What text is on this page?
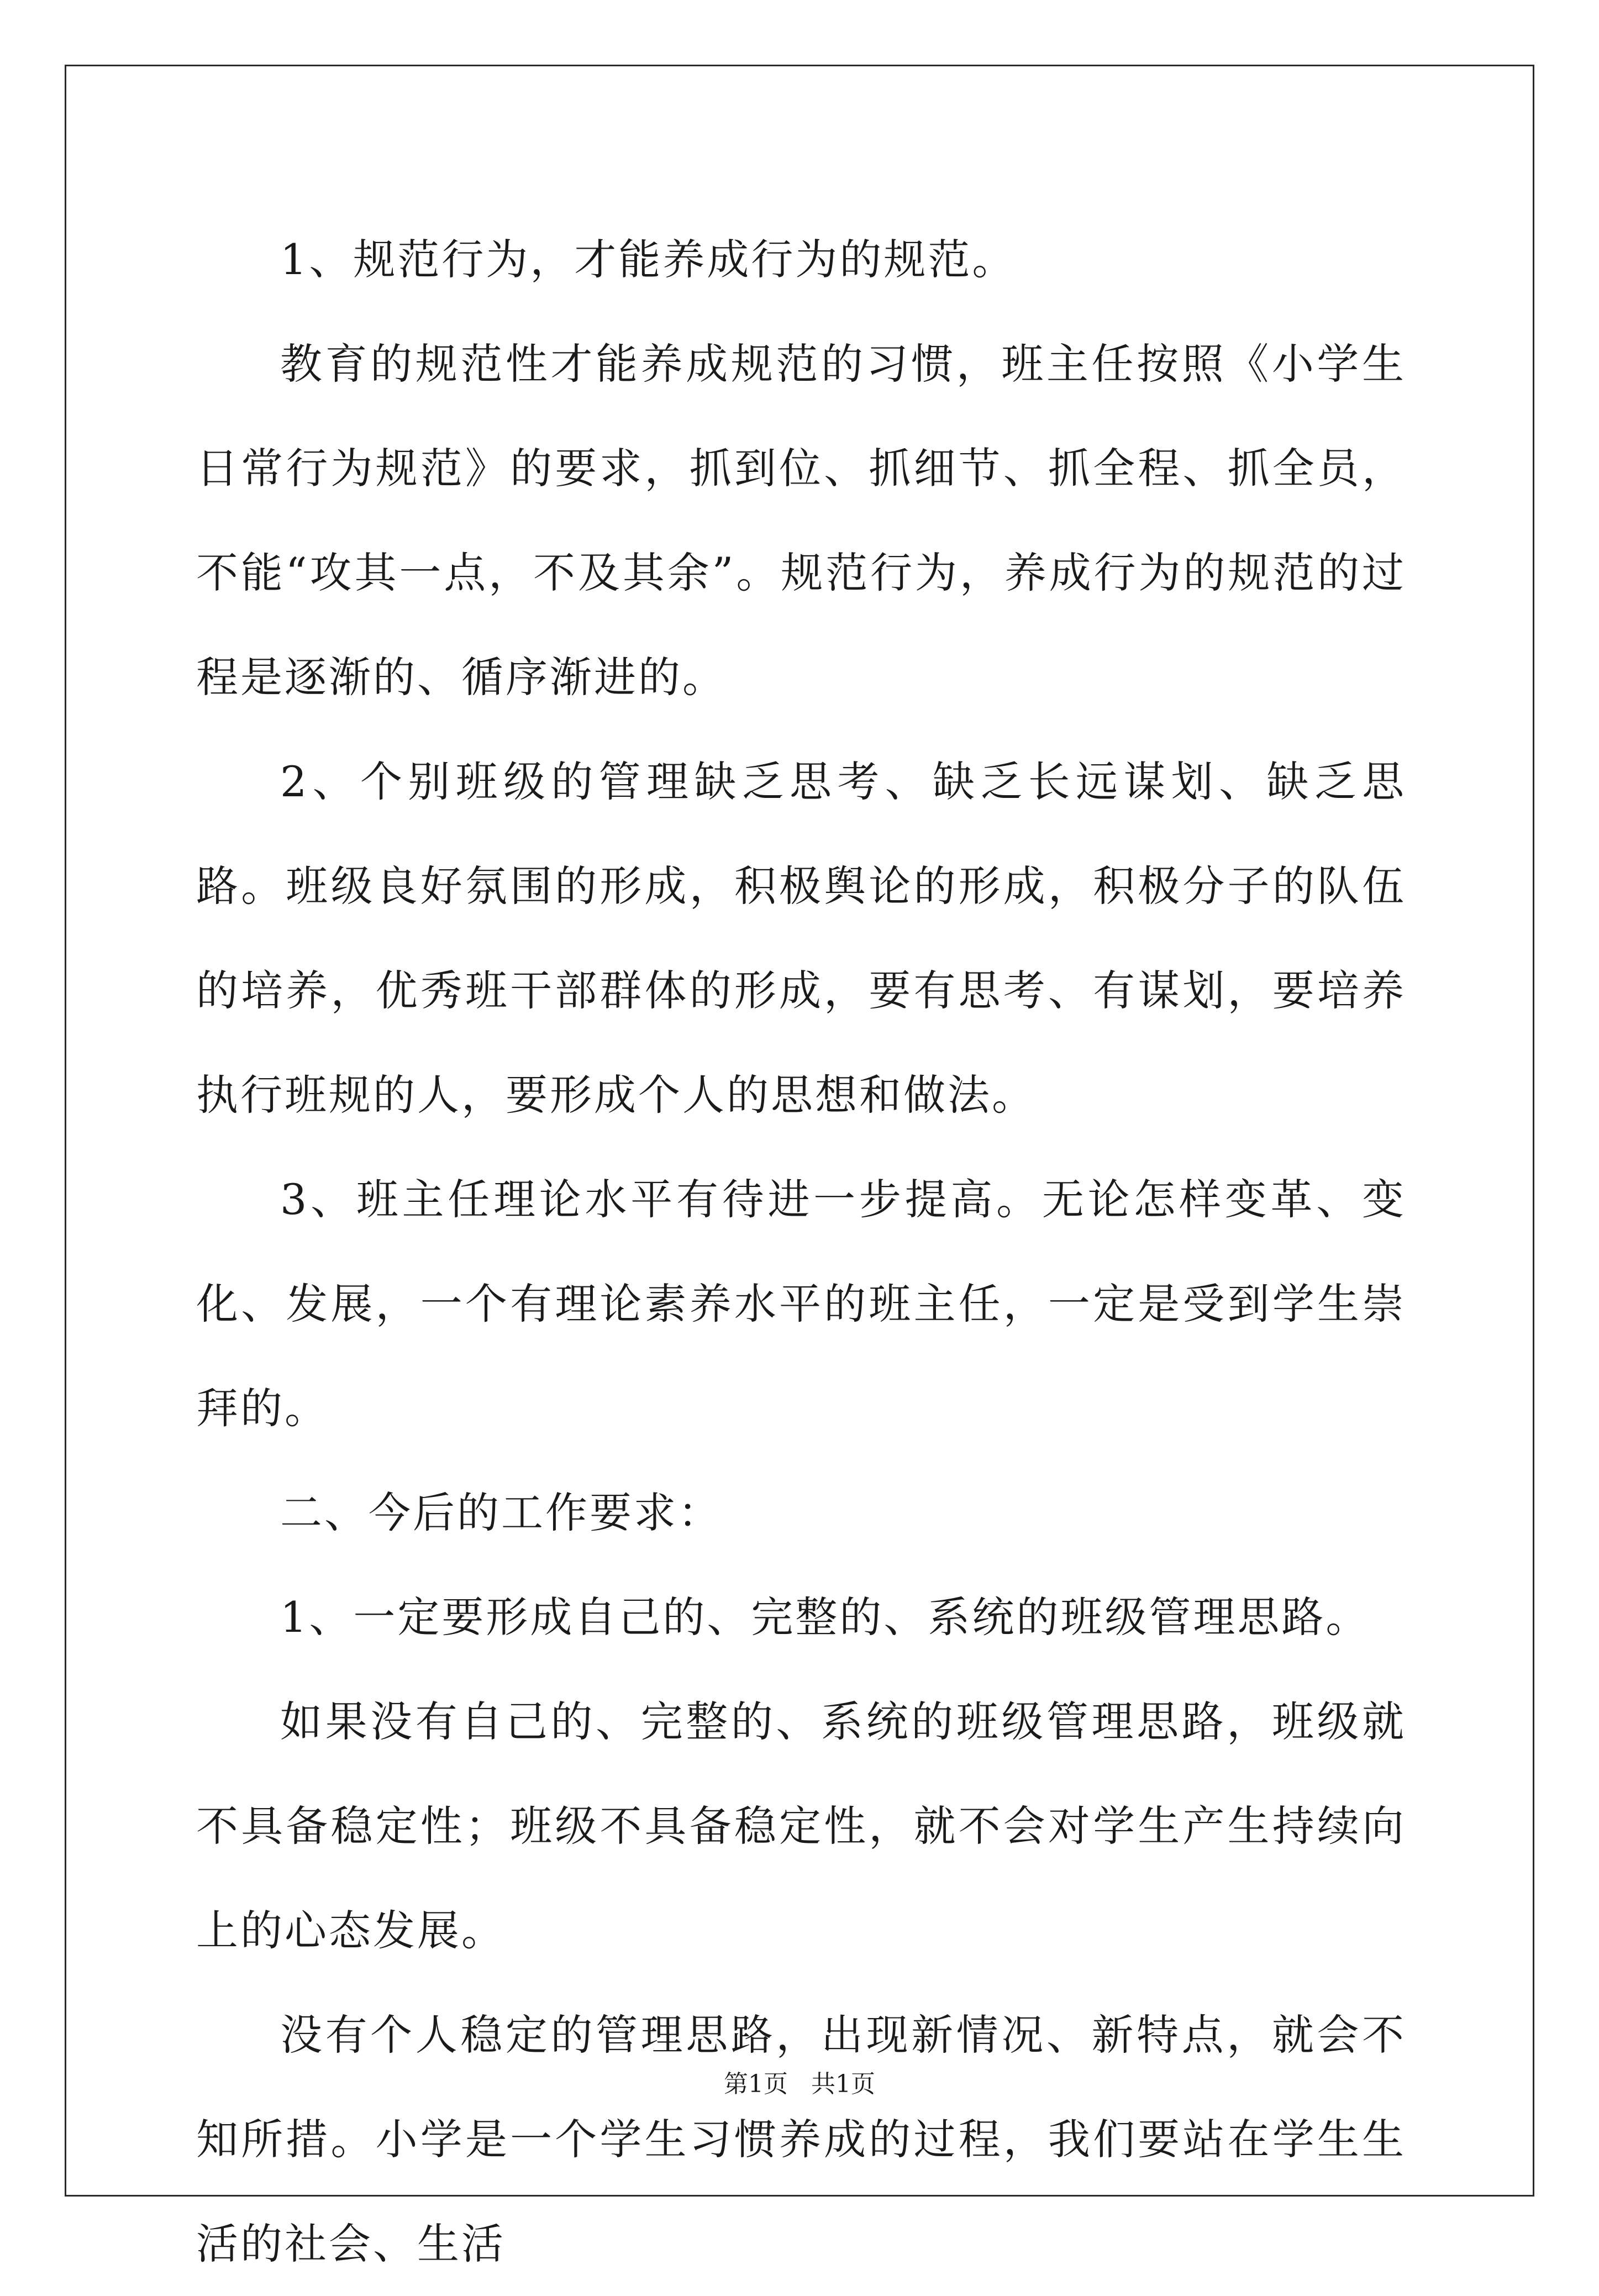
1、规范行为，才能养成行为的规范。

教育的规范性才能养成规范的习惯，班主任按照《小学生日常行为规范》的要求，抓到位、抓细节、抓全程、抓全员，不能“攻其一点，不及其余”。规范行为，养成行为的规范的过程是逐渐的、循序渐进的。

2、个别班级的管理缺乏思考、缺乏长远谋划、缺乏思路。班级良好氛围的形成，积极舆论的形成，积极分子的队伍的培养，优秀班干部群体的形成，要有思考、有谋划，要培养执行班规的人，要形成个人的思想和做法。

3、班主任理论水平有待进一步提高。无论怎样变革、变化、发展，一个有理论素养水平的班主任，一定是受到学生崇拜的。

二、今后的工作要求：

1、一定要形成自己的、完整的、系统的班级管理思路。

如果没有自己的、完整的、系统的班级管理思路，班级就不具备稳定性；班级不具备稳定性，就不会对学生产生持续向上的心态发展。

没有个人稳定的管理思路，出现新情况、新特点，就会不知所措。小学是一个学生习惯养成的过程，我们要站在学生生活的社会、生活

第1页 共1页
